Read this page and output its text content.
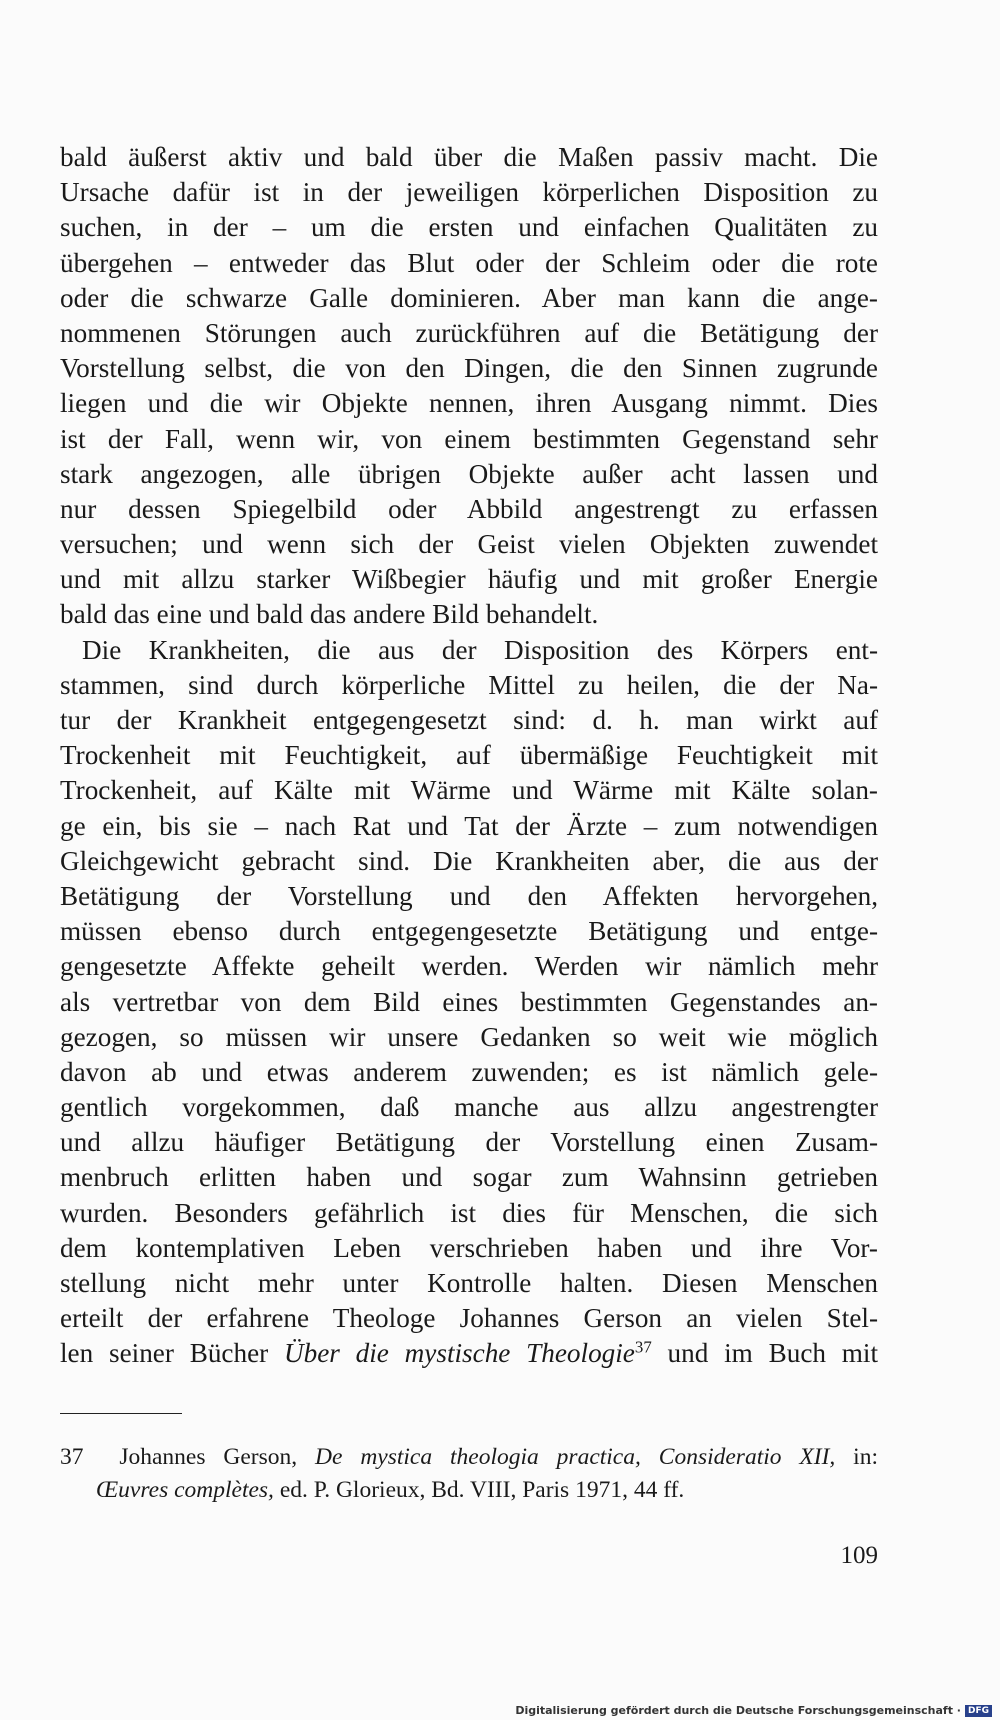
bald äußerst aktiv und bald über die Maßen passiv macht. Die
Ursache dafür ist in der jeweiligen körperlichen Disposition zu
suchen, in der – um die ersten und einfachen Qualitäten zu
übergehen – entweder das Blut oder der Schleim oder die rote
oder die schwarze Galle dominieren. Aber man kann die ange-
nommenen Störungen auch zurückführen auf die Betätigung der
Vorstellung selbst, die von den Dingen, die den Sinnen zugrunde
liegen und die wir Objekte nennen, ihren Ausgang nimmt. Dies
ist der Fall, wenn wir, von einem bestimmten Gegenstand sehr
stark angezogen, alle übrigen Objekte außer acht lassen und
nur dessen Spiegelbild oder Abbild angestrengt zu erfassen
versuchen; und wenn sich der Geist vielen Objekten zuwendet
und mit allzu starker Wißbegier häufig und mit großer Energie
bald das eine und bald das andere Bild behandelt.
Die Krankheiten, die aus der Disposition des Körpers ent-
stammen, sind durch körperliche Mittel zu heilen, die der Na-
tur der Krankheit entgegengesetzt sind: d. h. man wirkt auf
Trockenheit mit Feuchtigkeit, auf übermäßige Feuchtigkeit mit
Trockenheit, auf Kälte mit Wärme und Wärme mit Kälte solan-
ge ein, bis sie – nach Rat und Tat der Ärzte – zum notwendigen
Gleichgewicht gebracht sind. Die Krankheiten aber, die aus der
Betätigung der Vorstellung und den Affekten hervorgehen,
müssen ebenso durch entgegengesetzte Betätigung und entge-
gengesetzte Affekte geheilt werden. Werden wir nämlich mehr
als vertretbar von dem Bild eines bestimmten Gegenstandes an-
gezogen, so müssen wir unsere Gedanken so weit wie möglich
davon ab und etwas anderem zuwenden; es ist nämlich gele-
gentlich vorgekommen, daß manche aus allzu angestrengter
und allzu häufiger Betätigung der Vorstellung einen Zusam-
menbruch erlitten haben und sogar zum Wahnsinn getrieben
wurden. Besonders gefährlich ist dies für Menschen, die sich
dem kontemplativen Leben verschrieben haben und ihre Vor-
stellung nicht mehr unter Kontrolle halten. Diesen Menschen
erteilt der erfahrene Theologe Johannes Gerson an vielen Stel-
len seiner Bücher Über die mystische Theologie$^{37}$ und im Buch mit
37 Johannes Gerson, De mystica theologia practica, Consideratio XII, in:
Œuvres complètes, ed. P. Glorieux, Bd. VIII, Paris 1971, 44 ff.
109
Digitalisierung gefördert durch die Deutsche Forschungsgemeinschaft · DFG
